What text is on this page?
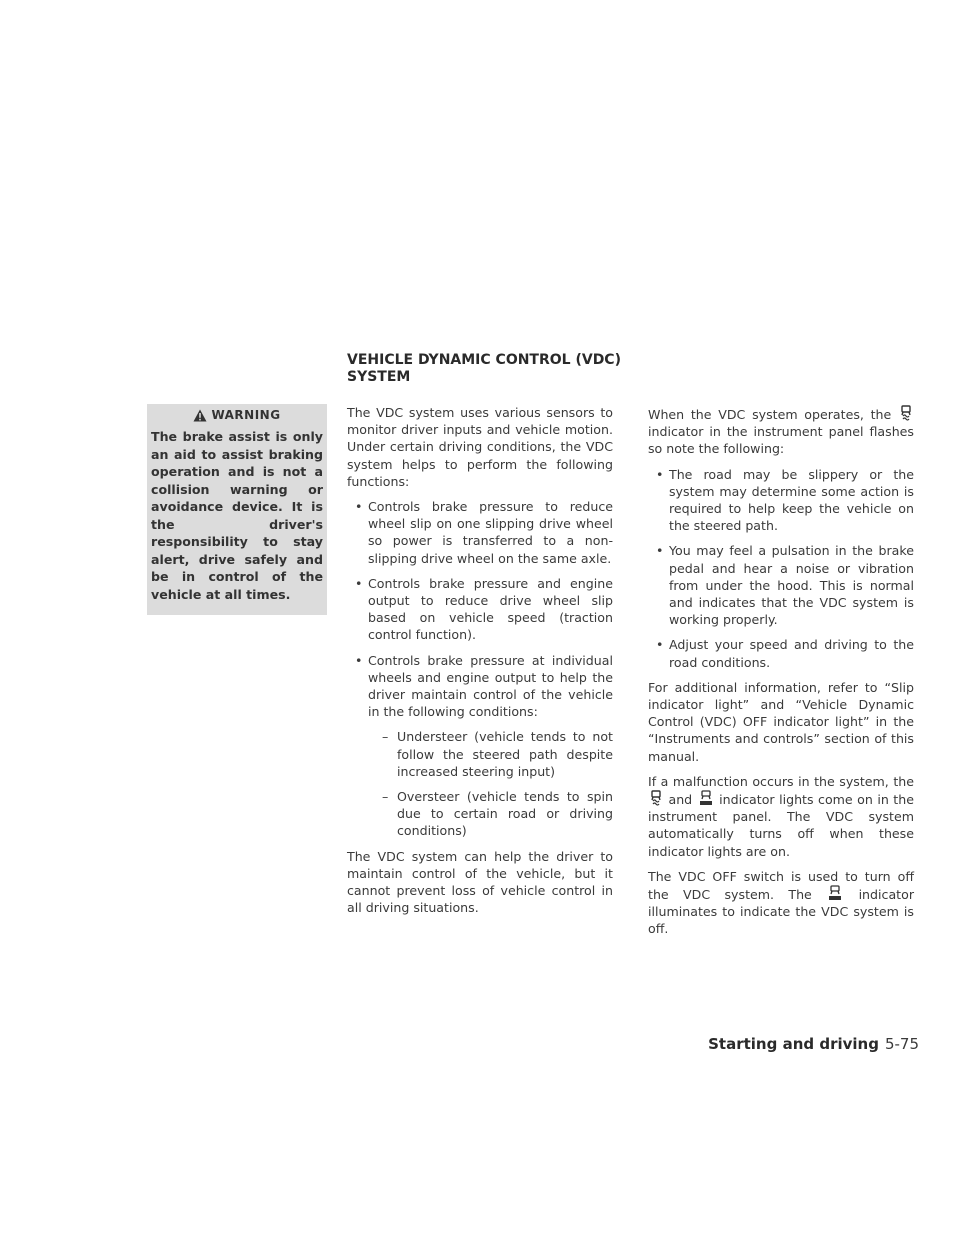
WARNING
The brake assist is only an aid to assist braking operation and is not a collision warning or avoidance device. It is the driver's responsibility to stay alert, drive safely and be in control of the vehicle at all times.
VEHICLE DYNAMIC CONTROL (VDC) SYSTEM

The VDC system uses various sensors to monitor driver inputs and vehicle motion. Under certain driving conditions, the VDC system helps to perform the following functions:

• Controls brake pressure to reduce wheel slip on one slipping drive wheel so power is transferred to a non-slipping drive wheel on the same axle.
• Controls brake pressure and engine output to reduce drive wheel slip based on vehicle speed (traction control function).
• Controls brake pressure at individual wheels and engine output to help the driver maintain control of the vehicle in the following conditions:
– Understeer (vehicle tends to not follow the steered path despite increased steering input)
– Oversteer (vehicle tends to spin due to certain road or driving conditions)

The VDC system can help the driver to maintain control of the vehicle, but it cannot prevent loss of vehicle control in all driving situations.

When the VDC system operates, the  indicator in the instrument panel flashes so note the following:

• The road may be slippery or the system may determine some action is required to help keep the vehicle on the steered path.
• You may feel a pulsation in the brake pedal and hear a noise or vibration from under the hood. This is normal and indicates that the VDC system is working properly.
• Adjust your speed and driving to the road conditions.

For additional information, refer to “Slip indicator light” and “Vehicle Dynamic Control (VDC) OFF indicator light” in the “Instruments and controls” section of this manual.

If a malfunction occurs in the system, the  and indicator lights come on in the instrument panel. The VDC system automatically turns off when these indicator lights are on.

The VDC OFF switch is used to turn off the VDC system. The	indicator illuminates to indicate the VDC system is off.

Starting and driving 5-75
